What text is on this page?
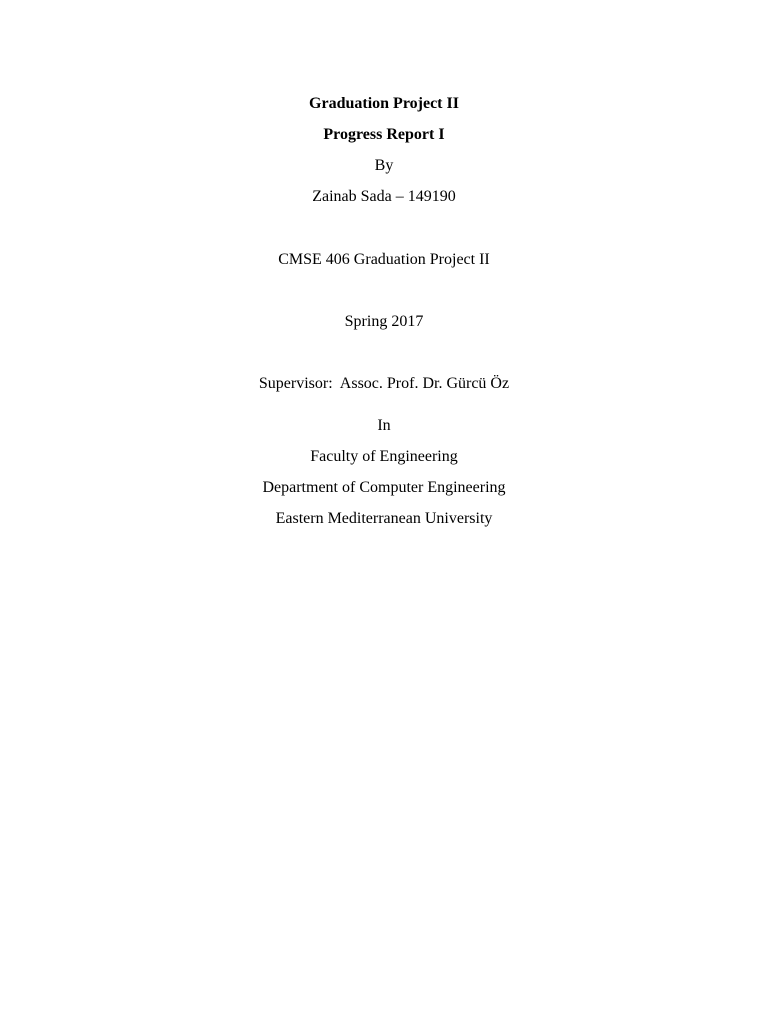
Graduation Project II
Progress Report I
By
Zainab Sada – 149190
CMSE 406 Graduation Project II
Spring 2017
Supervisor:  Assoc. Prof. Dr. Gürcü Öz
In
Faculty of Engineering
Department of Computer Engineering
Eastern Mediterranean University
